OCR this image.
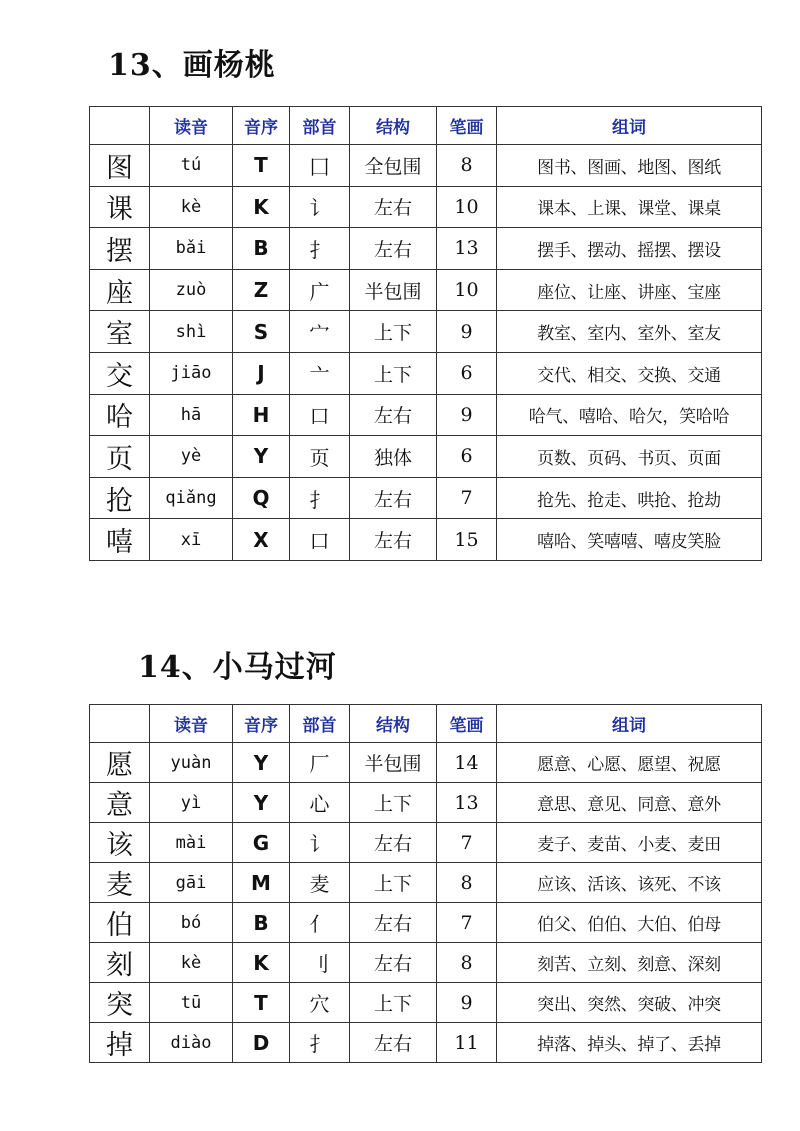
13、画杨桃
	读音	音序	部首	结构	笔画	组词
图	tú	T	囗	全包围	8	图书、图画、地图、图纸
课	kè	K	讠	左右	10	课本、上课、课堂、课桌
摆	bǎi	B	扌	左右	13	摆手、摆动、摇摆、摆设
座	zuò	Z	广	半包围	10	座位、让座、讲座、宝座
室	shì	S	宀	上下	9	教室、室内、室外、室友
交	jiāo	J	亠	上下	6	交代、相交、交换、交通
哈	hā	H	口	左右	9	哈气、嘻哈、哈欠，笑哈哈
页	yè	Y	页	独体	6	页数、页码、书页、页面
抢	qiǎng	Q	扌	左右	7	抢先、抢走、哄抢、抢劫
嘻	xī	X	口	左右	15	嘻哈、笑嘻嘻、嘻皮笑脸
14、小马过河
	读音	音序	部首	结构	笔画	组词
愿	yuàn	Y	厂	半包围	14	愿意、心愿、愿望、祝愿
意	yì	Y	心	上下	13	意思、意见、同意、意外
该	mài	G	讠	左右	7	麦子、麦苗、小麦、麦田
麦	gāi	M	麦	上下	8	应该、活该、该死、不该
伯	bó	B	亻	左右	7	伯父、伯伯、大伯、伯母
刻	kè	K	刂	左右	8	刻苦、立刻、刻意、深刻
突	tū	T	穴	上下	9	突出、突然、突破、冲突
掉	diào	D	扌	左右	11	掉落、掉头、掉了、丢掉
